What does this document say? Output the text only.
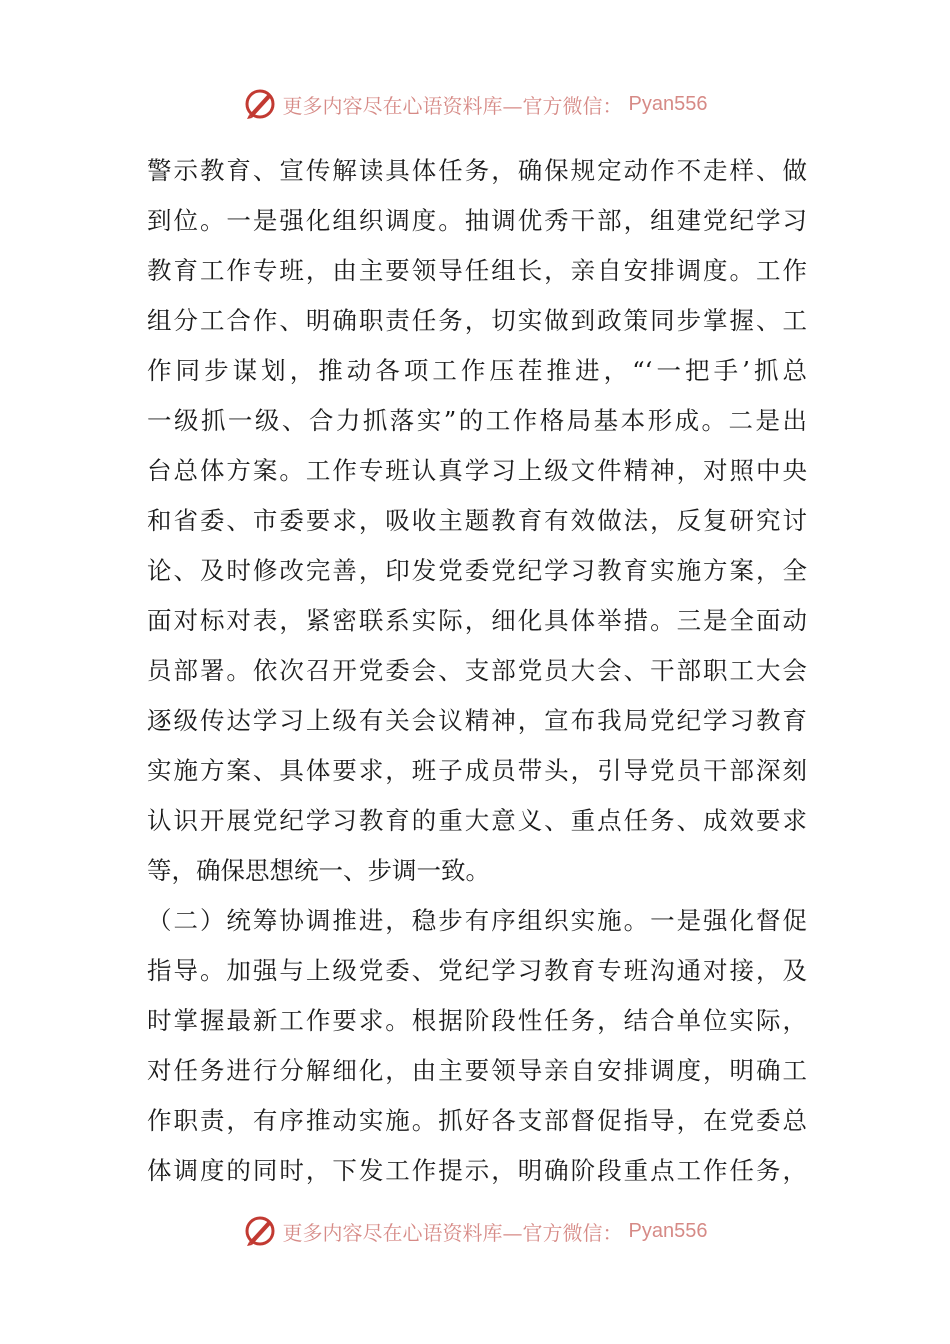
更多内容尽在心语资料库—官方微信： Pyan556
警示教育、宣传解读具体任务，确保规定动作不走样、做
到位。一是强化组织调度。抽调优秀干部，组建党纪学习
教育工作专班，由主要领导任组长，亲自安排调度。工作
组分工合作、明确职责任务，切实做到政策同步掌握、工
作同步谋划，推动各项工作压茬推进，“‘一把手’抓总
一级抓一级、合力抓落实”的工作格局基本形成。二是出
台总体方案。工作专班认真学习上级文件精神，对照中央
和省委、市委要求，吸收主题教育有效做法，反复研究讨
论、及时修改完善，印发党委党纪学习教育实施方案，全
面对标对表，紧密联系实际，细化具体举措。三是全面动
员部署。依次召开党委会、支部党员大会、干部职工大会
逐级传达学习上级有关会议精神，宣布我局党纪学习教育
实施方案、具体要求，班子成员带头，引导党员干部深刻
认识开展党纪学习教育的重大意义、重点任务、成效要求
等，确保思想统一、步调一致。
（二）统筹协调推进，稳步有序组织实施。一是强化督促
指导。加强与上级党委、党纪学习教育专班沟通对接，及
时掌握最新工作要求。根据阶段性任务，结合单位实际，
对任务进行分解细化，由主要领导亲自安排调度，明确工
作职责，有序推动实施。抓好各支部督促指导，在党委总
体调度的同时，下发工作提示，明确阶段重点工作任务，
更多内容尽在心语资料库—官方微信： Pyan556
